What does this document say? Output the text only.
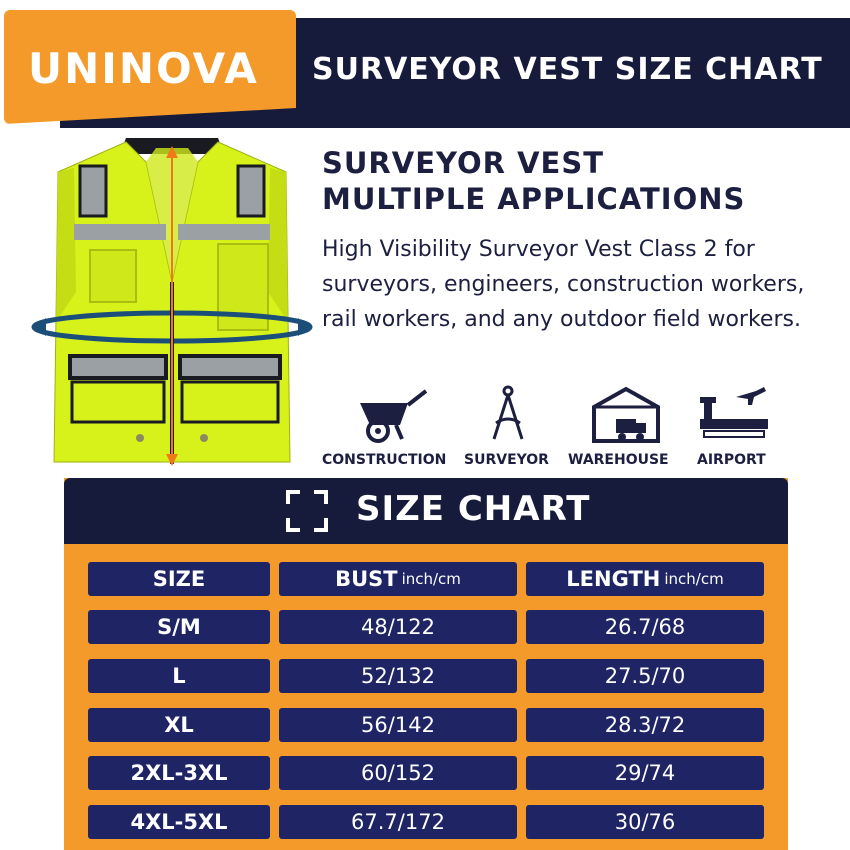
UNINOVA SURVEYOR VEST SIZE CHART
SURVEYOR VEST
MULTIPLE APPLICATIONS
High Visibility Surveyor Vest Class 2 for surveyors, engineers, construction workers, rail workers, and any outdoor field workers.
CONSTRUCTION SURVEYOR WAREHOUSE AIRPORT
SIZE CHART
SIZE	BUST inch/cm	LENGTH inch/cm
S/M	48/122	26.7/68
L	52/132	27.5/70
XL	56/142	28.3/72
2XL-3XL	60/152	29/74
4XL-5XL	67.7/172	30/76
